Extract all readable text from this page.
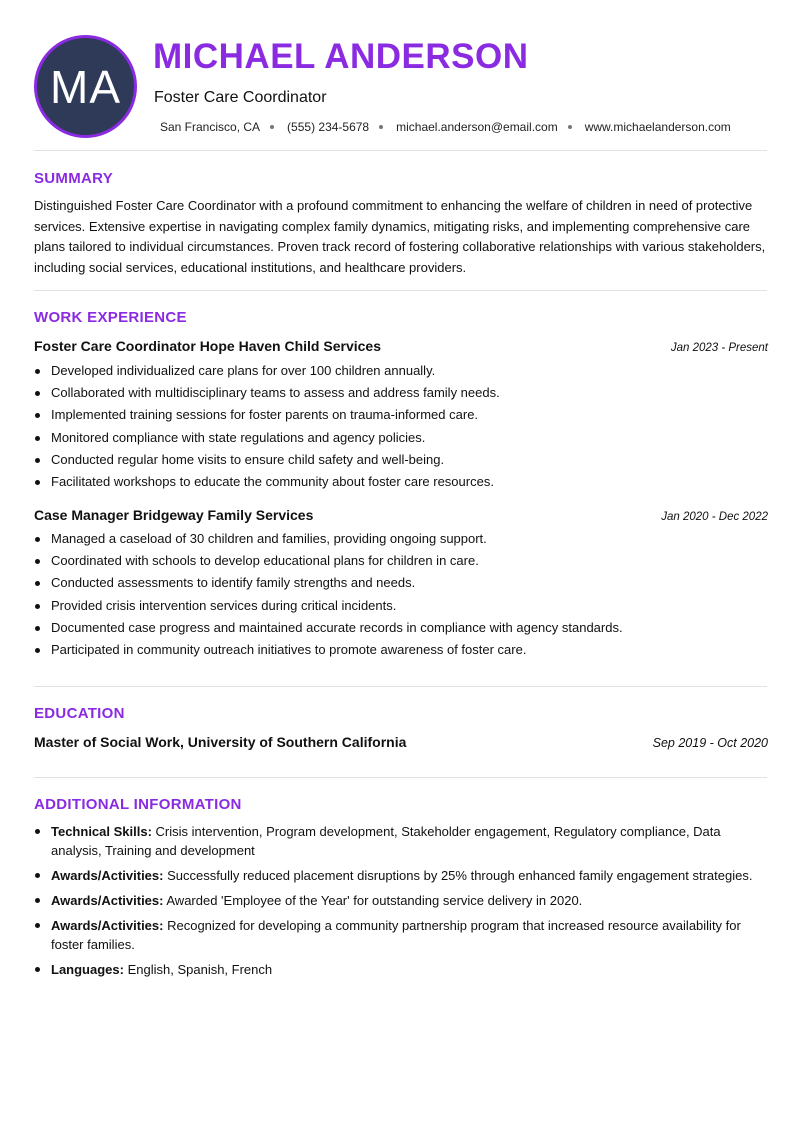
MA
MICHAEL ANDERSON
Foster Care Coordinator
San Francisco, CA (555) 234-5678 michael.anderson@email.com www.michaelanderson.com
SUMMARY
Distinguished Foster Care Coordinator with a profound commitment to enhancing the welfare of children in need of protective services. Extensive expertise in navigating complex family dynamics, mitigating risks, and implementing comprehensive care plans tailored to individual circumstances. Proven track record of fostering collaborative relationships with various stakeholders, including social services, educational institutions, and healthcare providers.
WORK EXPERIENCE
Foster Care Coordinator Hope Haven Child Services	Jan 2023 - Present
Developed individualized care plans for over 100 children annually.
Collaborated with multidisciplinary teams to assess and address family needs.
Implemented training sessions for foster parents on trauma-informed care.
Monitored compliance with state regulations and agency policies.
Conducted regular home visits to ensure child safety and well-being.
Facilitated workshops to educate the community about foster care resources.
Case Manager Bridgeway Family Services	Jan 2020 - Dec 2022
Managed a caseload of 30 children and families, providing ongoing support.
Coordinated with schools to develop educational plans for children in care.
Conducted assessments to identify family strengths and needs.
Provided crisis intervention services during critical incidents.
Documented case progress and maintained accurate records in compliance with agency standards.
Participated in community outreach initiatives to promote awareness of foster care.
EDUCATION
Master of Social Work, University of Southern California	Sep 2019 - Oct 2020
ADDITIONAL INFORMATION
Technical Skills: Crisis intervention, Program development, Stakeholder engagement, Regulatory compliance, Data analysis, Training and development
Awards/Activities: Successfully reduced placement disruptions by 25% through enhanced family engagement strategies.
Awards/Activities: Awarded 'Employee of the Year' for outstanding service delivery in 2020.
Awards/Activities: Recognized for developing a community partnership program that increased resource availability for foster families.
Languages: English, Spanish, French
